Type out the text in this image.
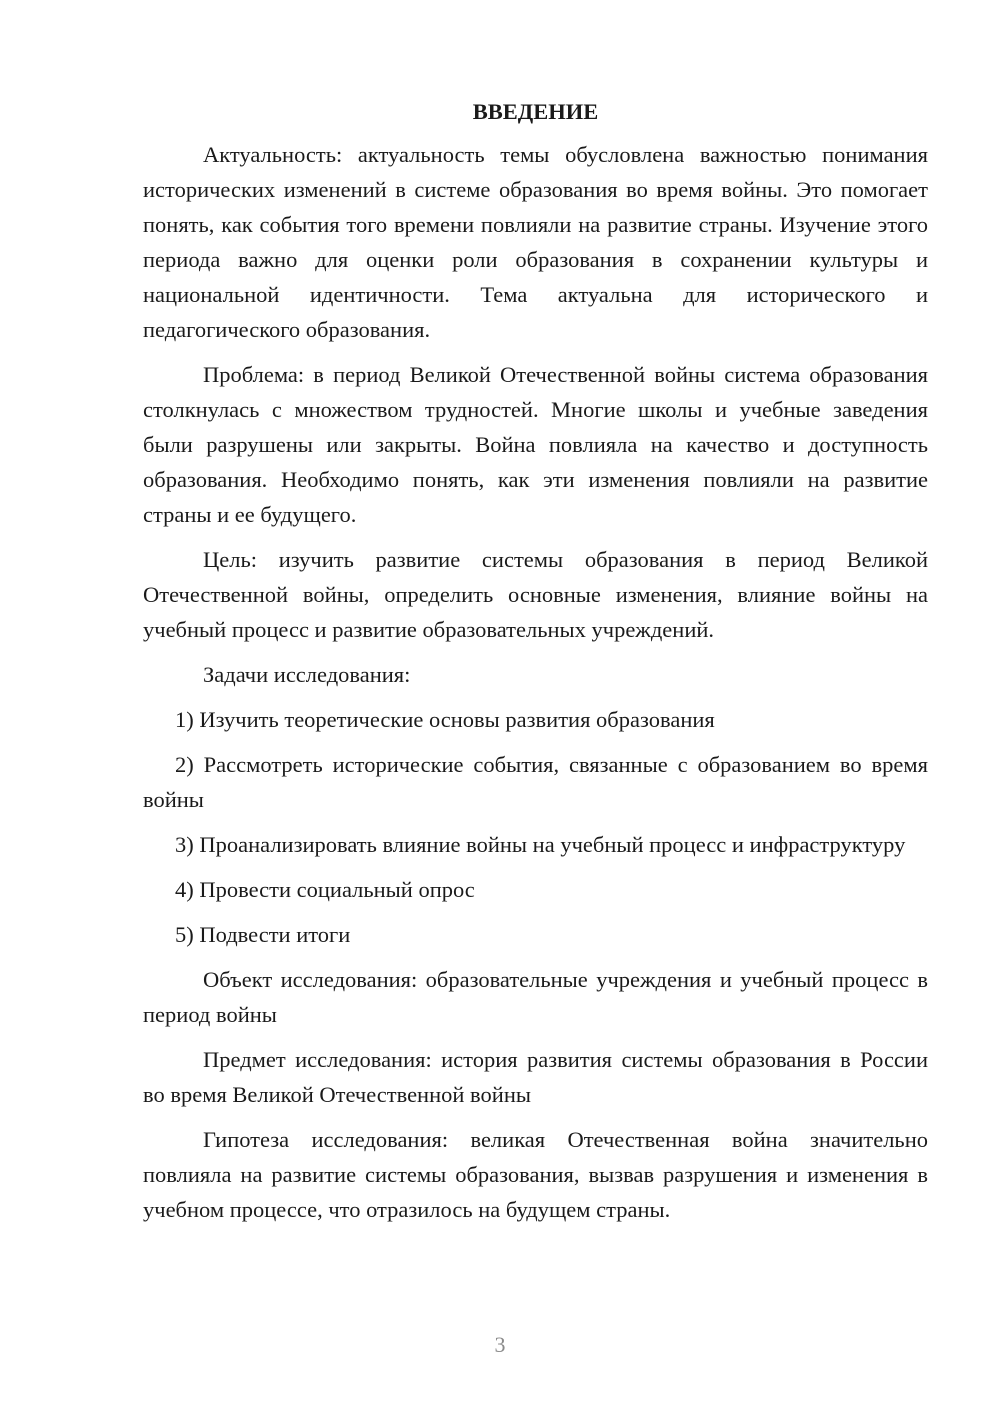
ВВЕДЕНИЕ

Актуальность: актуальность темы обусловлена важностью понимания исторических изменений в системе образования во время войны. Это помогает понять, как события того времени повлияли на развитие страны. Изучение этого периода важно для оценки роли образования в сохранении культуры и национальной идентичности. Тема актуальна для исторического и педагогического образования.

Проблема: в период Великой Отечественной войны система образования столкнулась с множеством трудностей. Многие школы и учебные заведения были разрушены или закрыты. Война повлияла на качество и доступность образования. Необходимо понять, как эти изменения повлияли на развитие страны и ее будущего.

Цель: изучить развитие системы образования в период Великой Отечественной войны, определить основные изменения, влияние войны на учебный процесс и развитие образовательных учреждений.

Задачи исследования:

1) Изучить теоретические основы развития образования

2) Рассмотреть исторические события, связанные с образованием во время войны

3) Проанализировать влияние войны на учебный процесс и инфраструктуру

4) Провести социальный опрос

5) Подвести итоги

Объект исследования: образовательные учреждения и учебный процесс в период войны

Предмет исследования: история развития системы образования в России во время Великой Отечественной войны

Гипотеза исследования: великая Отечественная война значительно повлияла на развитие системы образования, вызвав разрушения и изменения в учебном процессе, что отразилось на будущем страны.

3
